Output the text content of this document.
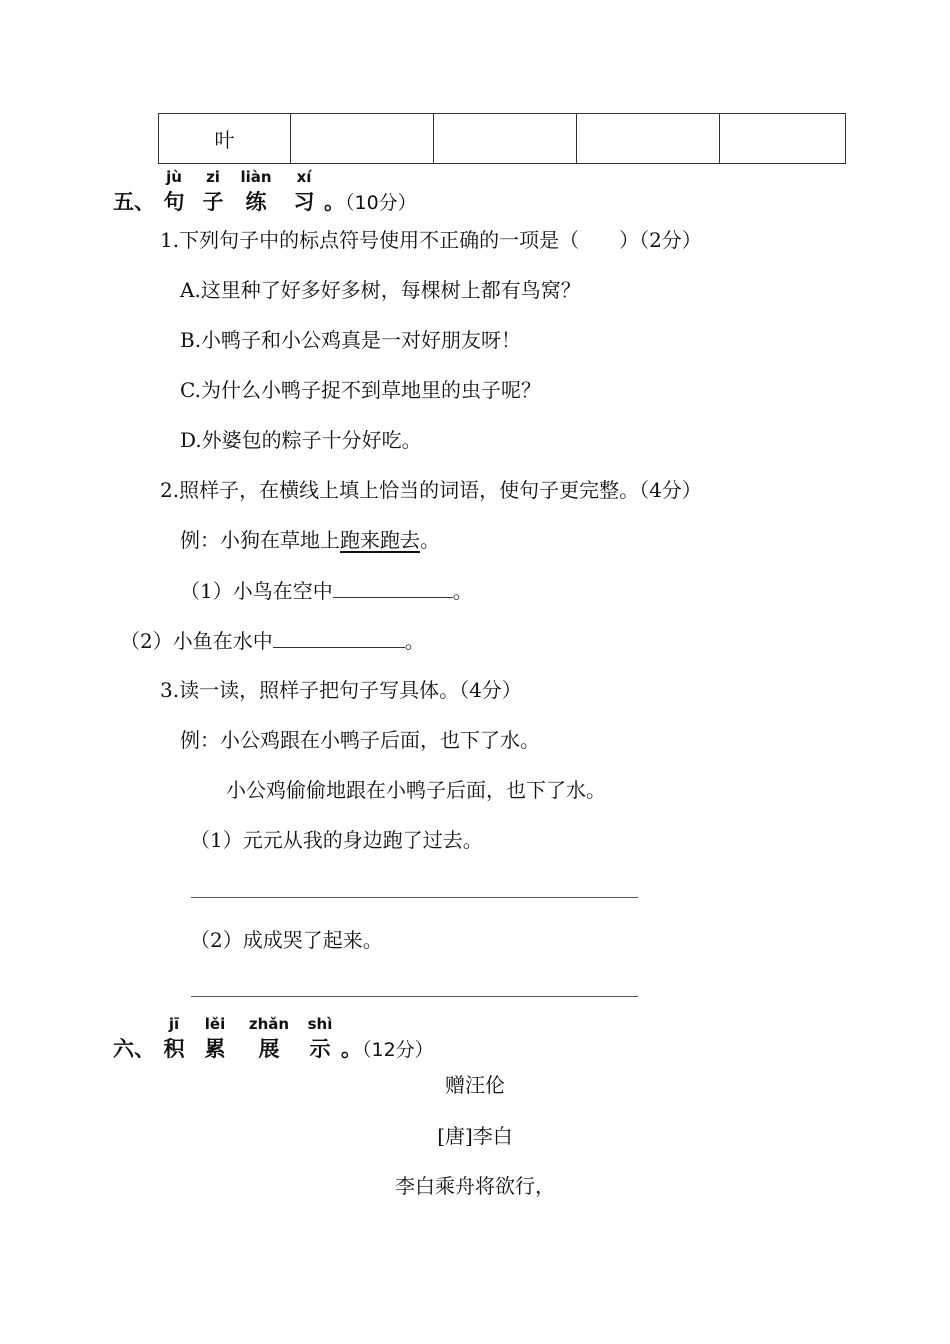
叶				
五、
jù
句
zi
子
liàn
练
xí
习 。（10分）
1.下列句子中的标点符号使用不正确的一项是（　　）（2分）
A.这里种了好多好多树，每棵树上都有鸟窝？
B.小鸭子和小公鸡真是一对好朋友呀！
C.为什么小鸭子捉不到草地里的虫子呢？
D.外婆包的粽子十分好吃。
2.照样子，在横线上填上恰当的词语，使句子更完整。（4分）
例：小狗在草地上跑来跑去。
（1）小鸟在空中	。
（2）小鱼在水中	。
3.读一读，照样子把句子写具体。（4分）
例：小公鸡跟在小鸭子后面，也下了水。
小公鸡偷偷地跟在小鸭子后面，也下了水。
（1）元元从我的身边跑了过去。
（2）成成哭了起来。
六、
jī
积
lěi
累
zhǎn
展
shì
示 。（12分）
赠汪伦
[唐]李白
李白乘舟将欲行，
